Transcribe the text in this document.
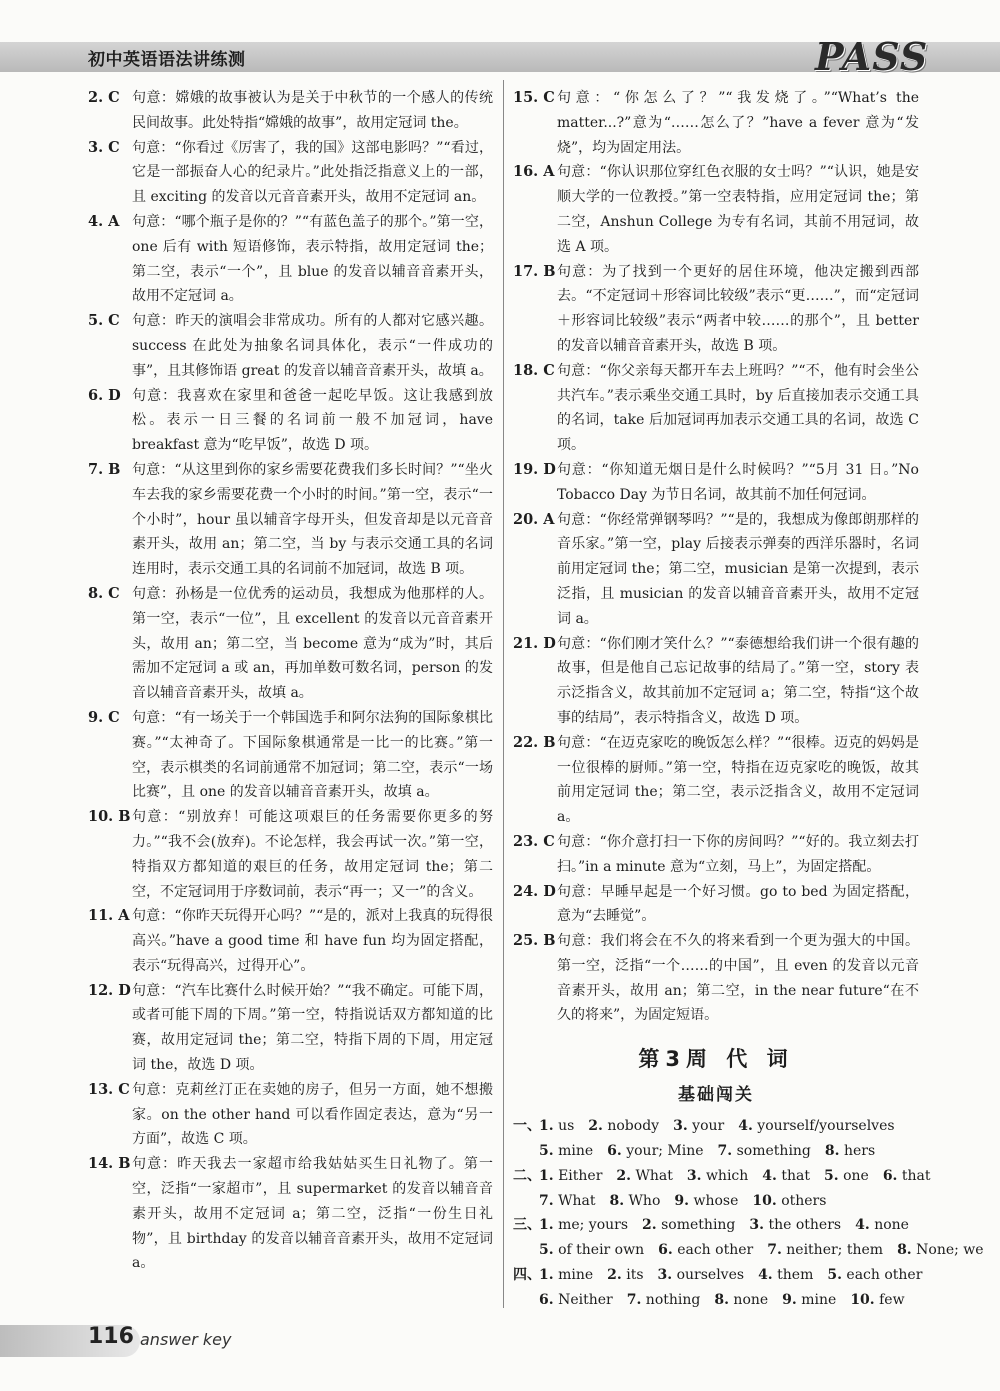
初中英语语法讲练测	PASS
2. C 句意：嫦娥的故事被认为是关于中秋节的一个感人的传统民间故事。此处特指“嫦娥的故事”，故用定冠词 the。
3. C 句意：“你看过《厉害了，我的国》这部电影吗？”“看过，它是一部振奋人心的纪录片。”此处指泛指意义上的一部，且 exciting 的发音以元音音素开头，故用不定冠词 an。
4. A 句意：“哪个瓶子是你的？”“有蓝色盖子的那个。”第一空，one 后有 with 短语修饰，表示特指，故用定冠词 the；第二空，表示“一个”，且 blue 的发音以辅音音素开头，故用不定冠词 a。
5. C 句意：昨天的演唱会非常成功。所有的人都对它感兴趣。success 在此处为抽象名词具体化，表示“一件成功的事”，且其修饰语 great 的发音以辅音音素开头，故填 a。
6. D 句意：我喜欢在家里和爸爸一起吃早饭。这让我感到放松。表示一日三餐的名词前一般不加冠词，have breakfast 意为“吃早饭”，故选 D 项。
7. B 句意：“从这里到你的家乡需要花费我们多长时间？”“坐火车去我的家乡需要花费一个小时的时间。”第一空，表示“一个小时”，hour 虽以辅音字母开头，但发音却是以元音音素开头，故用 an；第二空，当 by 与表示交通工具的名词连用时，表示交通工具的名词前不加冠词，故选 B 项。
8. C 句意：孙杨是一位优秀的运动员，我想成为他那样的人。第一空，表示“一位”，且 excellent 的发音以元音音素开头，故用 an；第二空，当 become 意为“成为”时，其后需加不定冠词 a 或 an，再加单数可数名词，person 的发音以辅音音素开头，故填 a。
9. C 句意：“有一场关于一个韩国选手和阿尔法狗的国际象棋比赛。”“太神奇了。下国际象棋通常是一比一的比赛。”第一空，表示棋类的名词前通常不加冠词；第二空，表示“一场比赛”，且 one 的发音以辅音音素开头，故填 a。
10. B 句意：“别放弃！可能这项艰巨的任务需要你更多的努力。”“我不会(放弃)。不论怎样，我会再试一次。”第一空，特指双方都知道的艰巨的任务，故用定冠词 the；第二空，不定冠词用于序数词前，表示“再一；又一”的含义。
11. A 句意：“你昨天玩得开心吗？”“是的，派对上我真的玩得很高兴。”have a good time 和 have fun 均为固定搭配，表示“玩得高兴，过得开心”。
12. D 句意：“汽车比赛什么时候开始？”“我不确定。可能下周，或者可能下周的下周。”第一空，特指说话双方都知道的比赛，故用定冠词 the；第二空，特指下周的下周，用定冠词 the，故选 D 项。
13. C 句意：克莉丝汀正在卖她的房子，但另一方面，她不想搬家。on the other hand 可以看作固定表达，意为“另一方面”，故选 C 项。
14. B 句意：昨天我去一家超市给我姑姑买生日礼物了。第一空，泛指“一家超市”，且 supermarket 的发音以辅音音素开头，故用不定冠词 a；第二空，泛指“一份生日礼物”，且 birthday 的发音以辅音音素开头，故用不定冠词 a。
15. C 句意：“你怎么了？”“我发烧了。”“What’s the matter...?”意为“……怎么了？”have a fever 意为“发烧”，均为固定用法。
16. A 句意：“你认识那位穿红色衣服的女士吗？”“认识，她是安顺大学的一位教授。”第一空表特指，应用定冠词 the；第二空，Anshun College 为专有名词，其前不用冠词，故选 A 项。
17. B 句意：为了找到一个更好的居住环境，他决定搬到西部去。“不定冠词＋形容词比较级”表示“更……”，而“定冠词＋形容词比较级”表示“两者中较……的那个”，且 better 的发音以辅音音素开头，故选 B 项。
18. C 句意：“你父亲每天都开车去上班吗？”“不，他有时会坐公共汽车。”表示乘坐交通工具时，by 后直接加表示交通工具的名词，take 后加冠词再加表示交通工具的名词，故选 C 项。
19. D 句意：“你知道无烟日是什么时候吗？”“5月 31 日。”No Tobacco Day 为节日名词，故其前不加任何冠词。
20. A 句意：“你经常弹钢琴吗？”“是的，我想成为像郎朗那样的音乐家。”第一空，play 后接表示弹奏的西洋乐器时，名词前用定冠词 the；第二空，musician 是第一次提到，表示泛指，且 musician 的发音以辅音音素开头，故用不定冠词 a。
21. D 句意：“你们刚才笑什么？”“泰德想给我们讲一个很有趣的故事，但是他自己忘记故事的结局了。”第一空，story 表示泛指含义，故其前加不定冠词 a；第二空，特指“这个故事的结局”，表示特指含义，故选 D 项。
22. B 句意：“在迈克家吃的晚饭怎么样？”“很棒。迈克的妈妈是一位很棒的厨师。”第一空，特指在迈克家吃的晚饭，故其前用定冠词 the；第二空，表示泛指含义，故用不定冠词 a。
23. C 句意：“你介意打扫一下你的房间吗？”“好的。我立刻去打扫。”in a minute 意为“立刻，马上”，为固定搭配。
24. D 句意：早睡早起是一个好习惯。go to bed 为固定搭配，意为“去睡觉”。
25. B 句意：我们将会在不久的将来看到一个更为强大的中国。第一空，泛指“一个……的中国”，且 even 的发音以元音音素开头，故用 an；第二空，in the near future“在不久的将来”，为固定短语。
第3周 代 词
基础闯关
一、
1. us 2. nobody 3. your 4. yourself/yourselves
5. mine 6. your; Mine 7. something 8. hers
二、
1. Either 2. What 3. which 4. that 5. one 6. that
7. What 8. Who 9. whose 10. others
三、
1. me; yours 2. something 3. the others 4. none
5. of their own 6. each other 7. neither; them 8. None; we
四、
1. mine 2. its 3. ourselves 4. them 5. each other
6. Neither 7. nothing 8. none 9. mine 10. few
116 answer key
